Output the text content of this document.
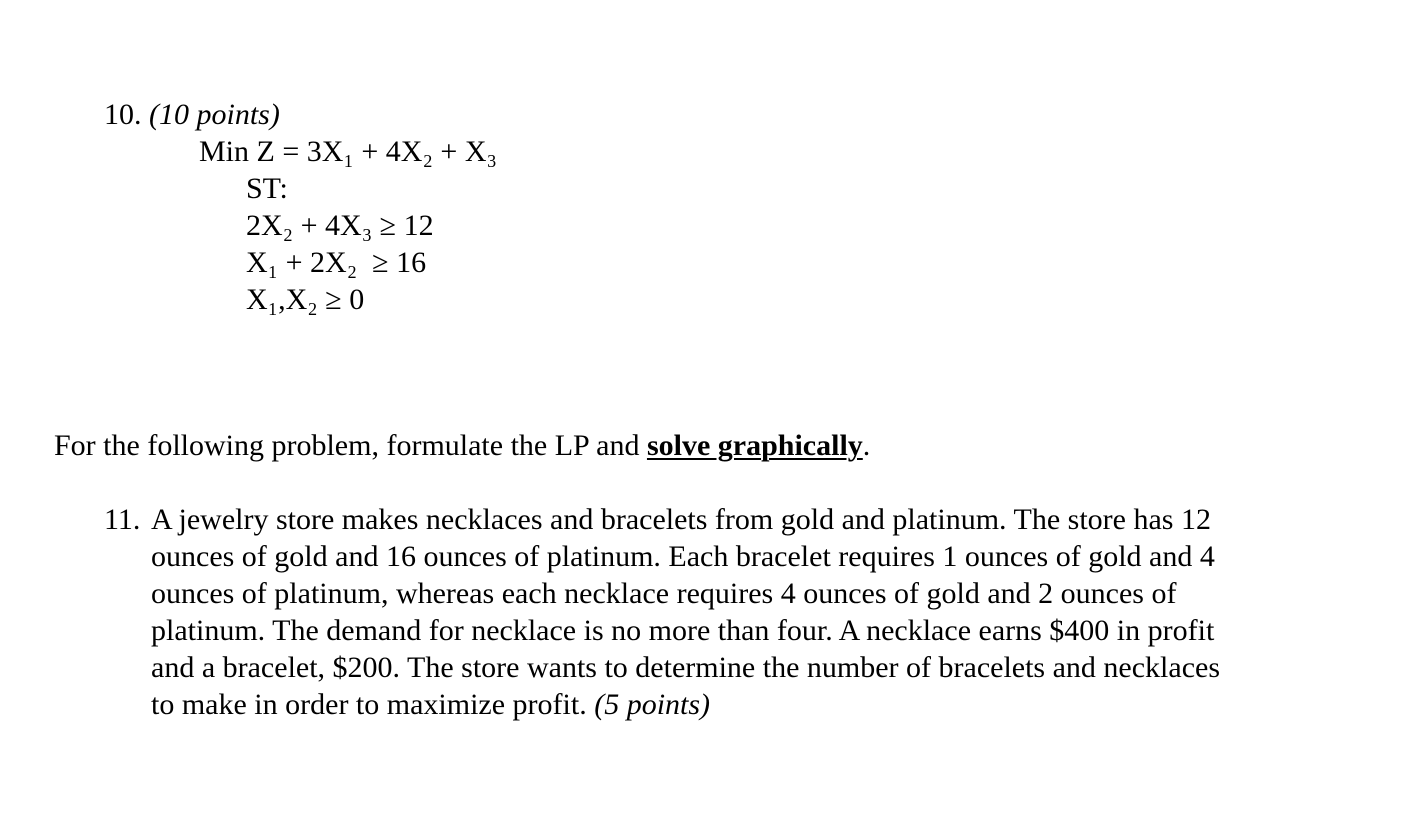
10. (10 points)
Min Z = 3X₁ + 4X₂ + X₃
ST:
2X₂ + 4X₃ ≥ 12
X₁ + 2X₂  ≥ 16
X₁,X₂ ≥ 0
For the following problem, formulate the LP and solve graphically.
11. A jewelry store makes necklaces and bracelets from gold and platinum. The store has 12
ounces of gold and 16 ounces of platinum. Each bracelet requires 1 ounces of gold and 4
ounces of platinum, whereas each necklace requires 4 ounces of gold and 2 ounces of
platinum. The demand for necklace is no more than four. A necklace earns $400 in profit
and a bracelet, $200. The store wants to determine the number of bracelets and necklaces
to make in order to maximize profit. (5 points)
